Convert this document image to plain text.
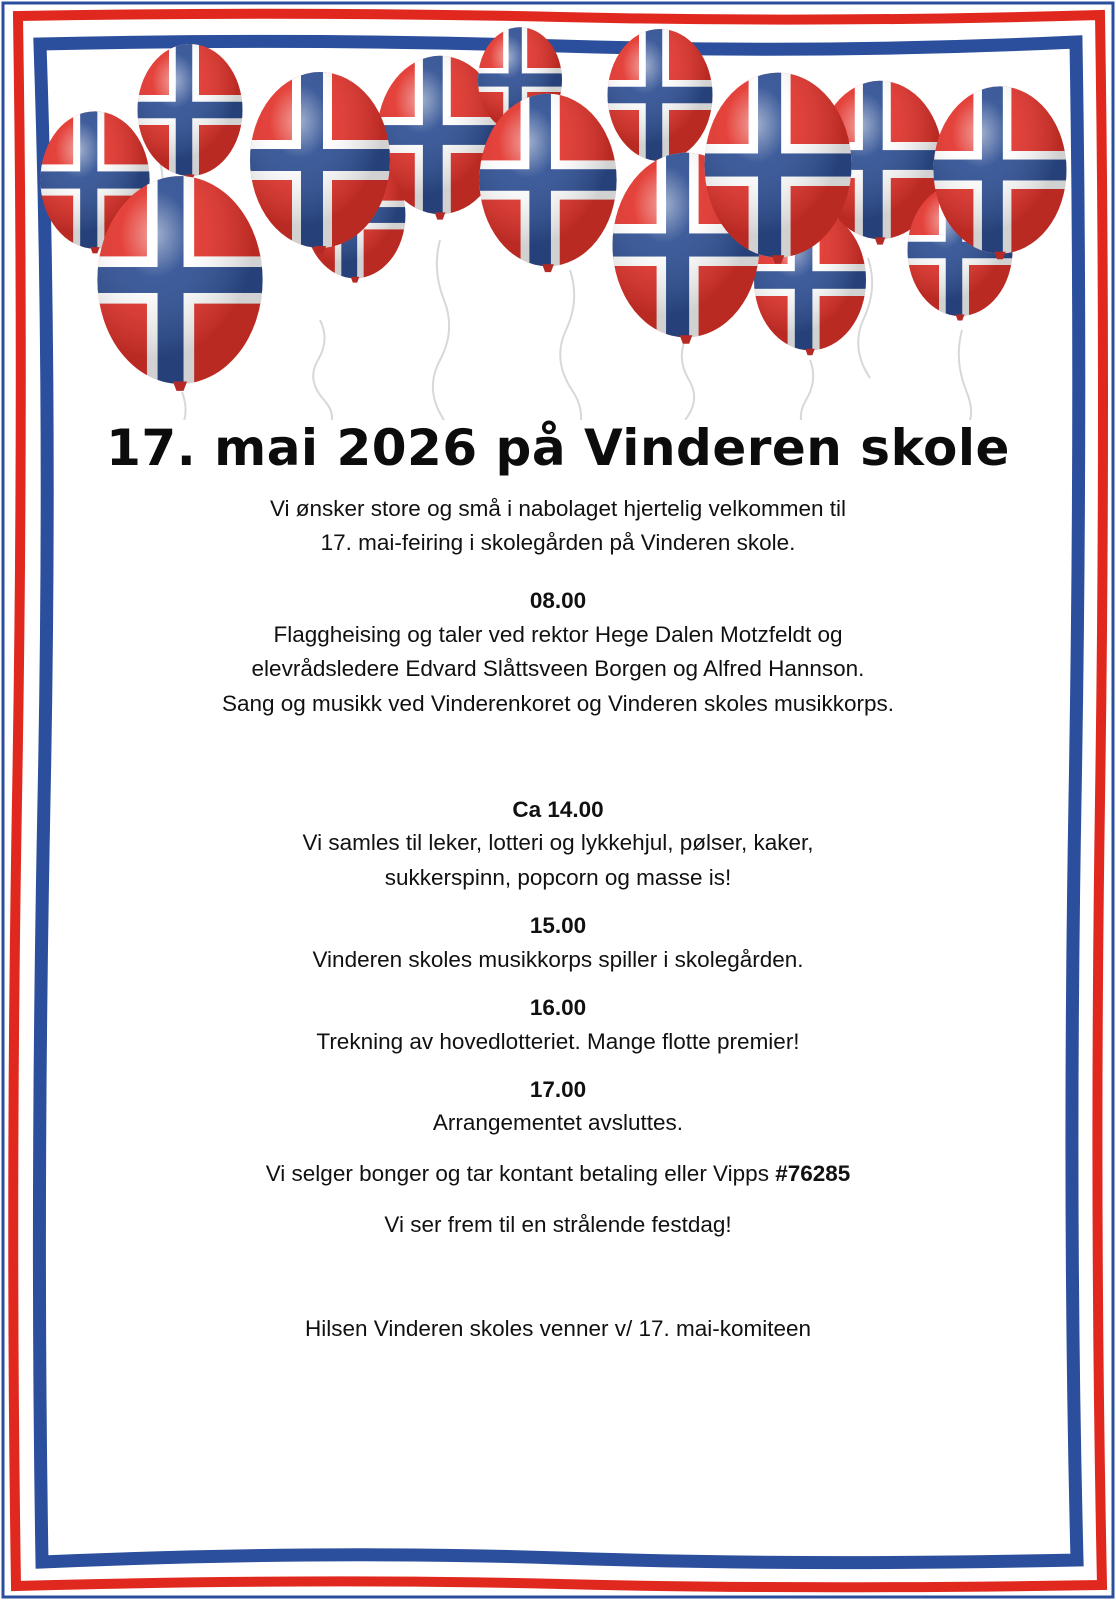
17. mai 2026 på Vinderen skole
Vi ønsker store og små i nabolaget hjertelig velkommen til
17. mai-feiring i skolegården på Vinderen skole.
08.00
Flaggheising og taler ved rektor Hege Dalen Motzfeldt og
elevrådsledere Edvard Slåttsveen Borgen og Alfred Hannson.
Sang og musikk ved Vinderenkoret og Vinderen skoles musikkorps.
Ca 14.00
Vi samles til leker, lotteri og lykkehjul, pølser, kaker,
sukkerspinn, popcorn og masse is!
15.00
Vinderen skoles musikkorps spiller i skolegården.
16.00
Trekning av hovedlotteriet. Mange flotte premier!
17.00
Arrangementet avsluttes.
Vi selger bonger og tar kontant betaling eller Vipps #76285
Vi ser frem til en strålende festdag!
Hilsen Vinderen skoles venner v/ 17. mai-komiteen
